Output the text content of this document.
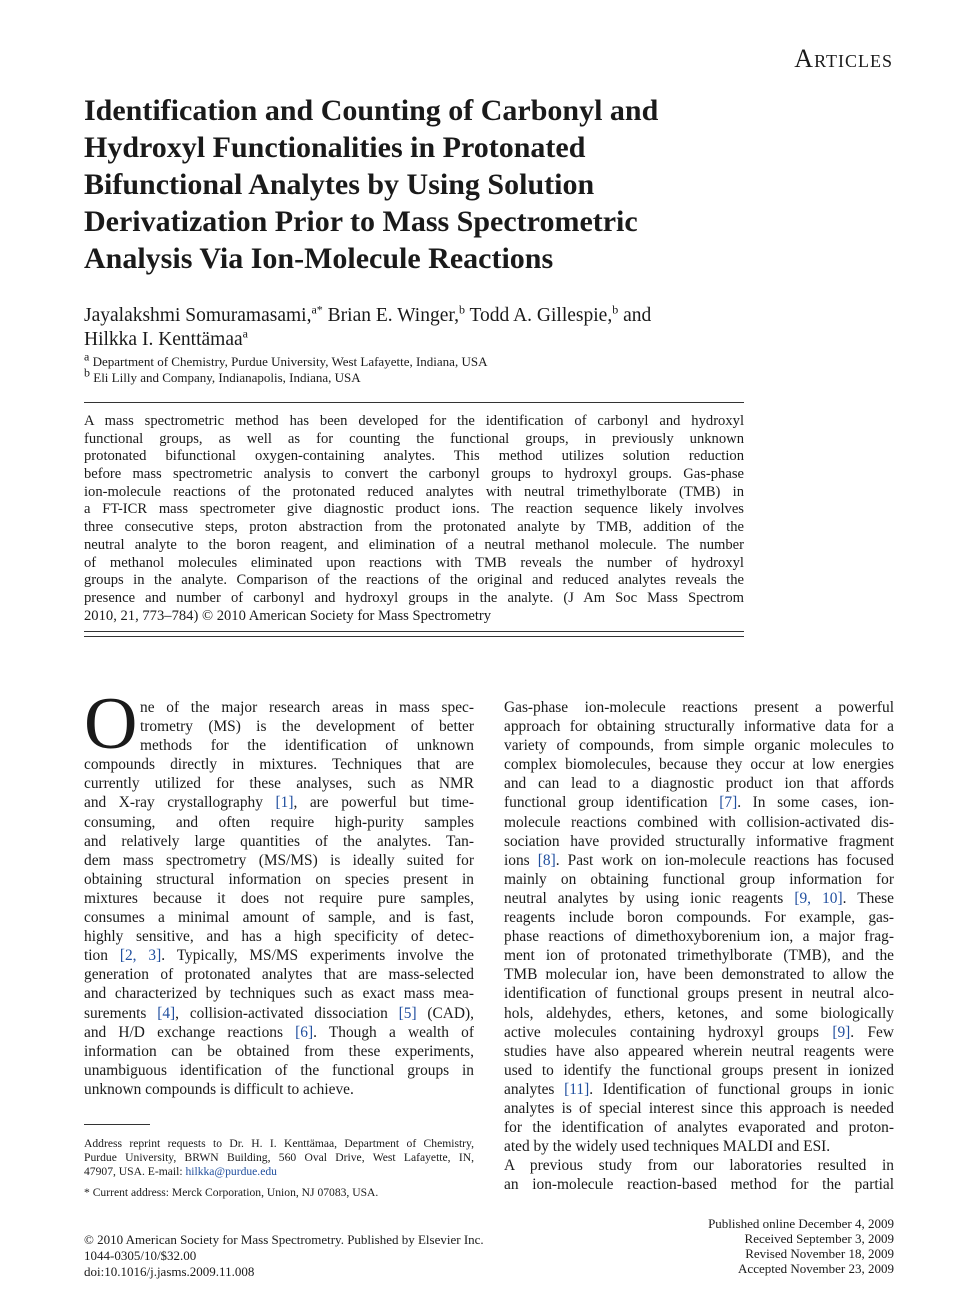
Articles
Identification and Counting of Carbonyl and
Hydroxyl Functionalities in Protonated
Bifunctional Analytes by Using Solution
Derivatization Prior to Mass Spectrometric
Analysis Via Ion-Molecule Reactions
Jayalakshmi Somuramasami,$^{a*}$ Brian E. Winger,$^b$ Todd A. Gillespie,$^b$ and
Hilkka I. Kenttämaa$^a$
$^a$ Department of Chemistry, Purdue University, West Lafayette, Indiana, USA
$^b$ Eli Lilly and Company, Indianapolis, Indiana, USA
A mass spectrometric method has been developed for the identification of carbonyl and hydroxyl
functional groups, as well as for counting the functional groups, in previously unknown
protonated bifunctional oxygen-containing analytes. This method utilizes solution reduction
before mass spectrometric analysis to convert the carbonyl groups to hydroxyl groups. Gas-phase
ion-molecule reactions of the protonated reduced analytes with neutral trimethylborate (TMB) in
a FT-ICR mass spectrometer give diagnostic product ions. The reaction sequence likely involves
three consecutive steps, proton abstraction from the protonated analyte by TMB, addition of the
neutral analyte to the boron reagent, and elimination of a neutral methanol molecule. The number
of methanol molecules eliminated upon reactions with TMB reveals the number of hydroxyl
groups in the analyte. Comparison of the reactions of the original and reduced analytes reveals the
presence and number of carbonyl and hydroxyl groups in the analyte. (J Am Soc Mass Spectrom
2010, 21, 773–784) © 2010 American Society for Mass Spectrometry
O ne of the major research areas in mass spec-
trometry (MS) is the development of better
methods for the identification of unknown
compounds directly in mixtures. Techniques that are
currently utilized for these analyses, such as NMR
and X-ray crystallography [1], are powerful but time-
consuming, and often require high-purity samples
and relatively large quantities of the analytes. Tan-
dem mass spectrometry (MS/MS) is ideally suited for
obtaining structural information on species present in
mixtures because it does not require pure samples,
consumes a minimal amount of sample, and is fast,
highly sensitive, and has a high specificity of detec-
tion [2, 3]. Typically, MS/MS experiments involve the
generation of protonated analytes that are mass-selected
and characterized by techniques such as exact mass mea-
surements [4], collision-activated dissociation [5] (CAD),
and H/D exchange reactions [6]. Though a wealth of
information can be obtained from these experiments,
unambiguous identification of the functional groups in
unknown compounds is difficult to achieve.
Gas-phase ion-molecule reactions present a powerful
approach for obtaining structurally informative data for a
variety of compounds, from simple organic molecules to
complex biomolecules, because they occur at low energies
and can lead to a diagnostic product ion that affords
functional group identification [7]. In some cases, ion-
molecule reactions combined with collision-activated dis-
sociation have provided structurally informative fragment
ions [8]. Past work on ion-molecule reactions has focused
mainly on obtaining functional group information for
neutral analytes by using ionic reagents [9, 10]. These
reagents include boron compounds. For example, gas-
phase reactions of dimethoxyborenium ion, a major frag-
ment ion of protonated trimethylborate (TMB), and the
TMB molecular ion, have been demonstrated to allow the
identification of functional groups present in neutral alco-
hols, aldehydes, ethers, ketones, and some biologically
active molecules containing hydroxyl groups [9]. Few
studies have also appeared wherein neutral reagents were
used to identify the functional groups present in ionized
analytes [11]. Identification of functional groups in ionic
analytes is of special interest since this approach is needed
for the identification of analytes evaporated and proton-
ated by the widely used techniques MALDI and ESI.
A previous study from our laboratories resulted in
an ion-molecule reaction-based method for the partial
Address reprint requests to Dr. H. I. Kenttämaa, Department of Chemistry,
Purdue University, BRWN Building, 560 Oval Drive, West Lafayette, IN,
47907, USA. E-mail: hilkka@purdue.edu
* Current address: Merck Corporation, Union, NJ 07083, USA.
© 2010 American Society for Mass Spectrometry. Published by Elsevier Inc.
1044-0305/10/$32.00
doi:10.1016/j.jasms.2009.11.008
Published online December 4, 2009
Received September 3, 2009
Revised November 18, 2009
Accepted November 23, 2009
